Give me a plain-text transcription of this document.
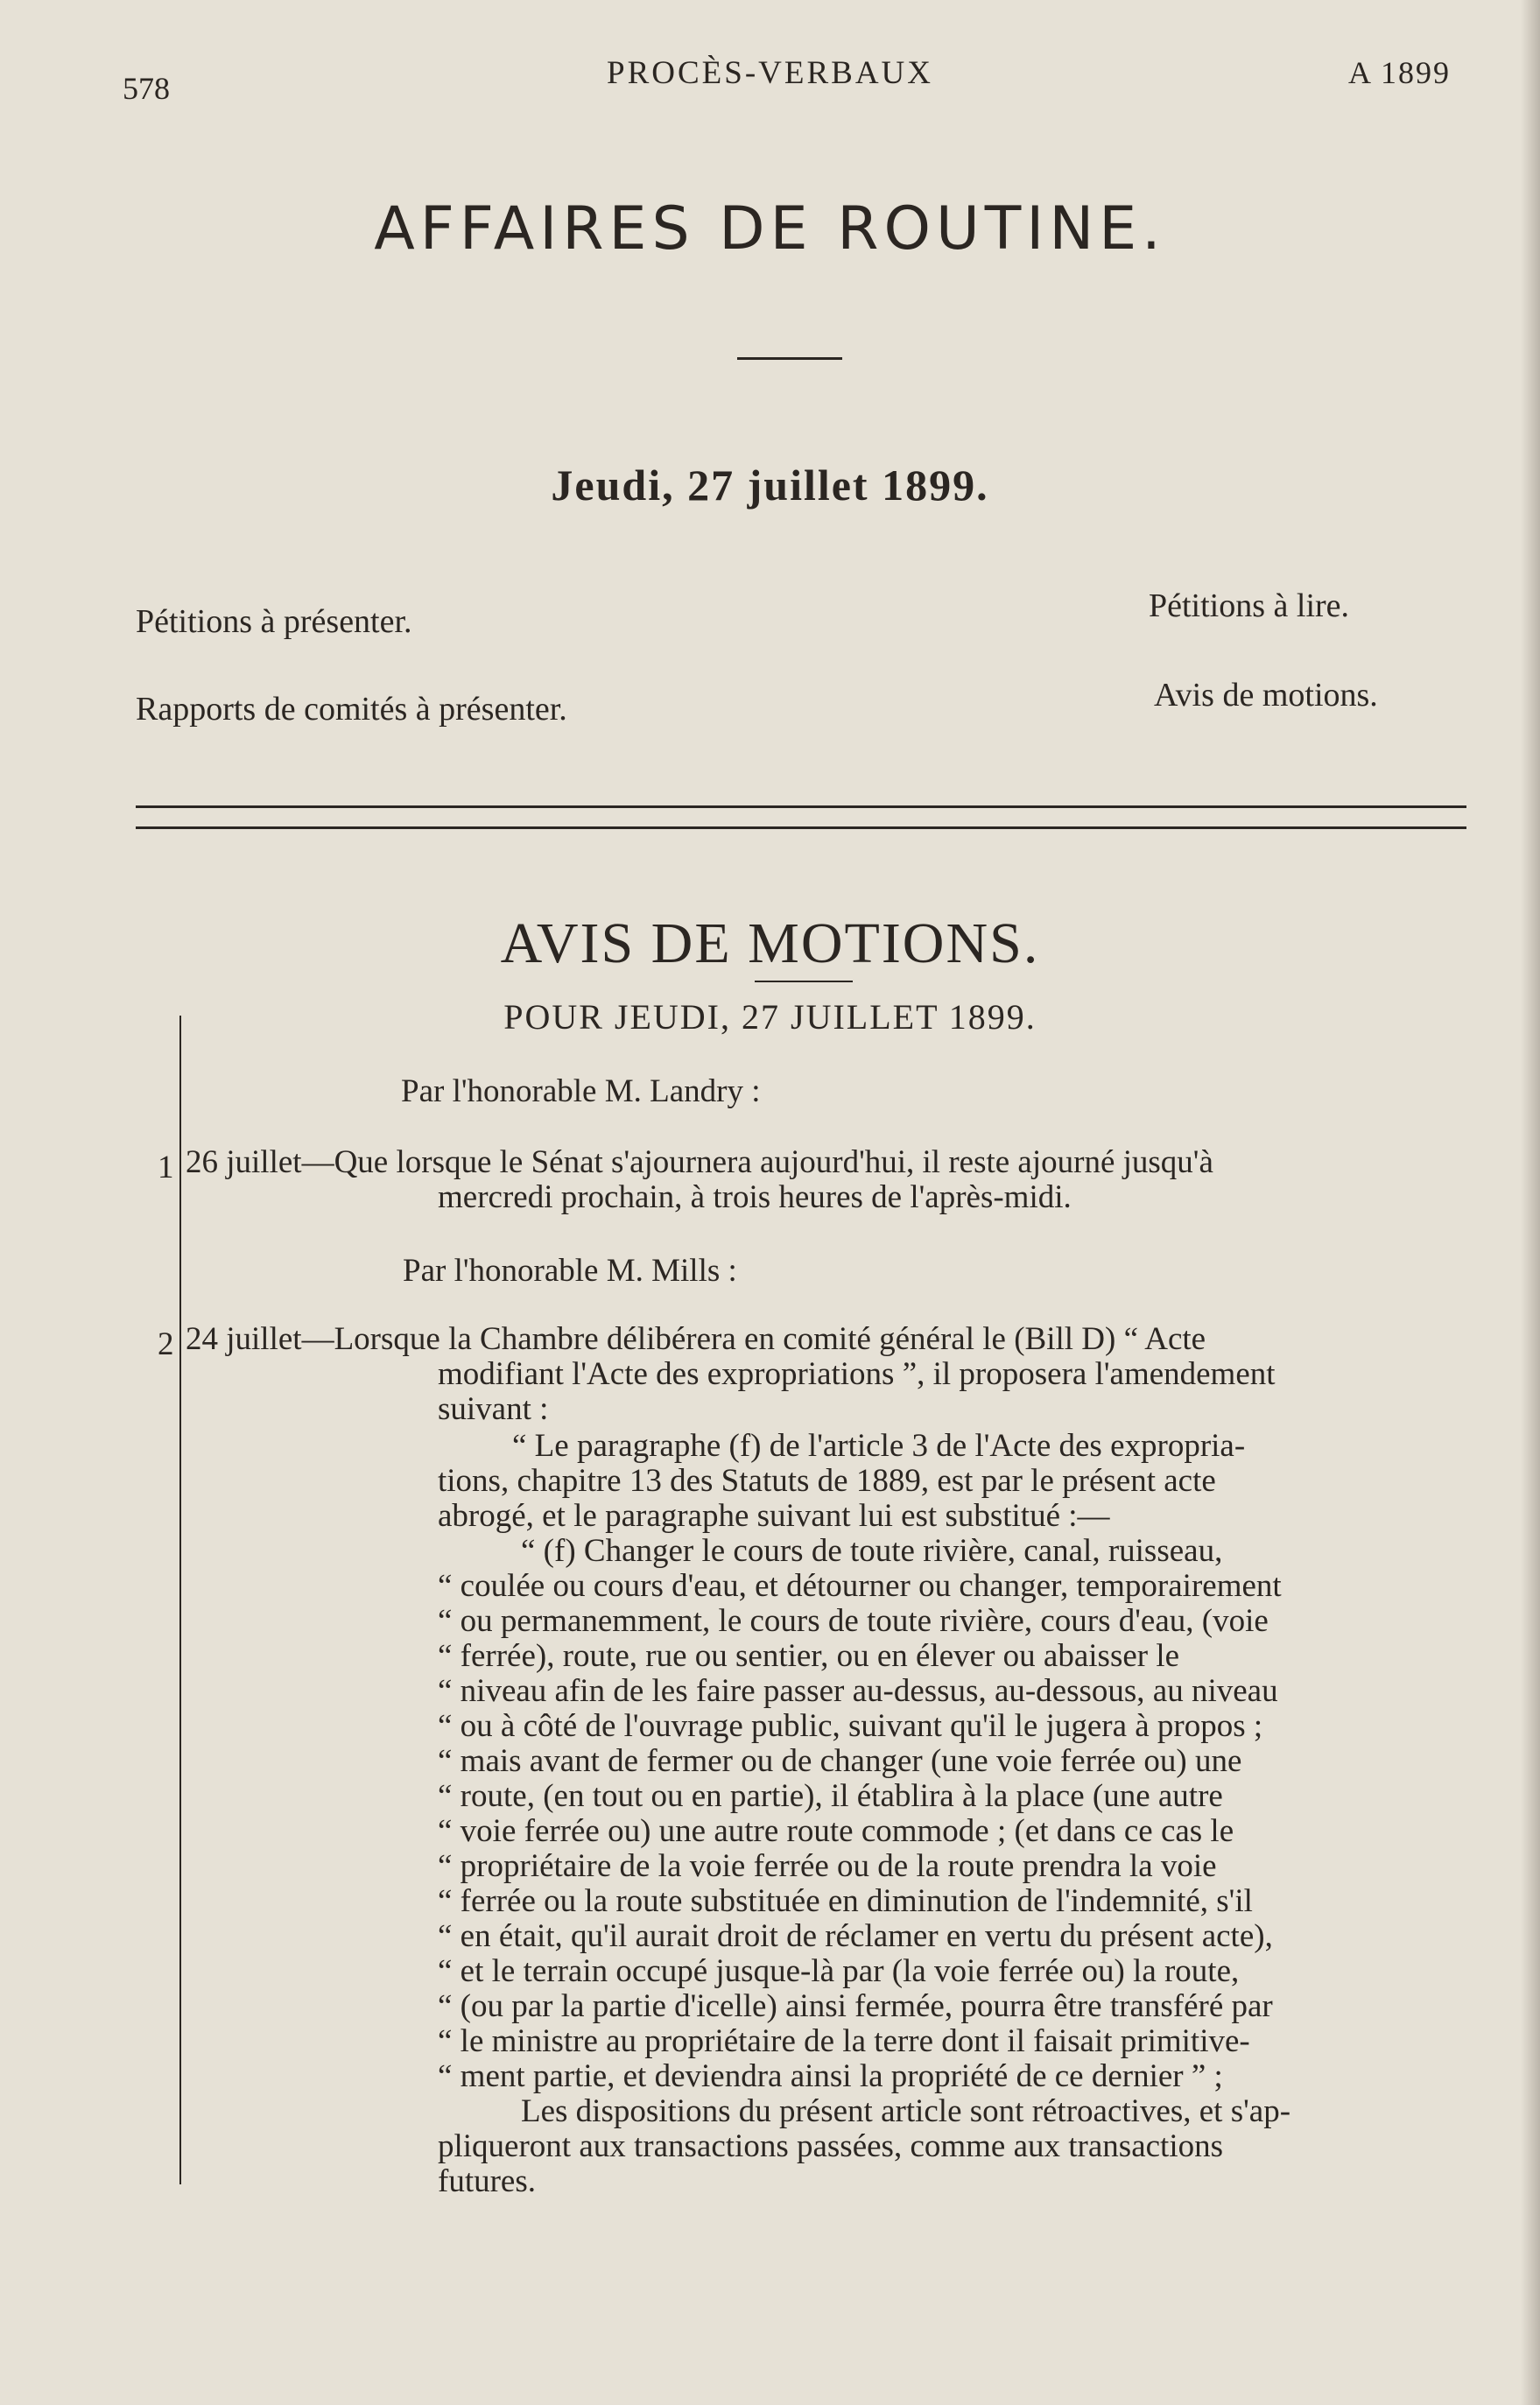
578	PROCÈS-VERBAUX	A 1899
AFFAIRES DE ROUTINE.
Jeudi, 27 juillet 1899.
Pétitions à présenter.
Rapports de comités à présenter.
Pétitions à lire.
Avis de motions.
AVIS DE MOTIONS.
POUR JEUDI, 27 JUILLET 1899.
Par l'honorable M. Landry :
1 26 juillet—Que lorsque le Sénat s'ajournera aujourd'hui, il reste ajourné jusqu'à
mercredi prochain, à trois heures de l'après-midi.
Par l'honorable M. Mills :
2 24 juillet—Lorsque la Chambre délibérera en comité général le (Bill D) “ Acte
modifiant l'Acte des expropriations ”, il proposera l'amendement
suivant :
“ Le paragraphe (f) de l'article 3 de l'Acte des expropria-
tions, chapitre 13 des Statuts de 1889, est par le présent acte
abrogé, et le paragraphe suivant lui est substitué :—
“ (f) Changer le cours de toute rivière, canal, ruisseau,
“ coulée ou cours d'eau, et détourner ou changer, temporairement
“ ou permanemment, le cours de toute rivière, cours d'eau, (voie
“ ferrée), route, rue ou sentier, ou en élever ou abaisser le
“ niveau afin de les faire passer au-dessus, au-dessous, au niveau
“ ou à côté de l'ouvrage public, suivant qu'il le jugera à propos ;
“ mais avant de fermer ou de changer (une voie ferrée ou) une
“ route, (en tout ou en partie), il établira à la place (une autre
“ voie ferrée ou) une autre route commode ; (et dans ce cas le
“ propriétaire de la voie ferrée ou de la route prendra la voie
“ ferrée ou la route substituée en diminution de l'indemnité, s'il
“ en était, qu'il aurait droit de réclamer en vertu du présent acte),
“ et le terrain occupé jusque-là par (la voie ferrée ou) la route,
“ (ou par la partie d'icelle) ainsi fermée, pourra être transféré par
“ le ministre au propriétaire de la terre dont il faisait primitive-
“ ment partie, et deviendra ainsi la propriété de ce dernier ” ;
Les dispositions du présent article sont rétroactives, et s'ap-
pliqueront aux transactions passées, comme aux transactions
futures.
